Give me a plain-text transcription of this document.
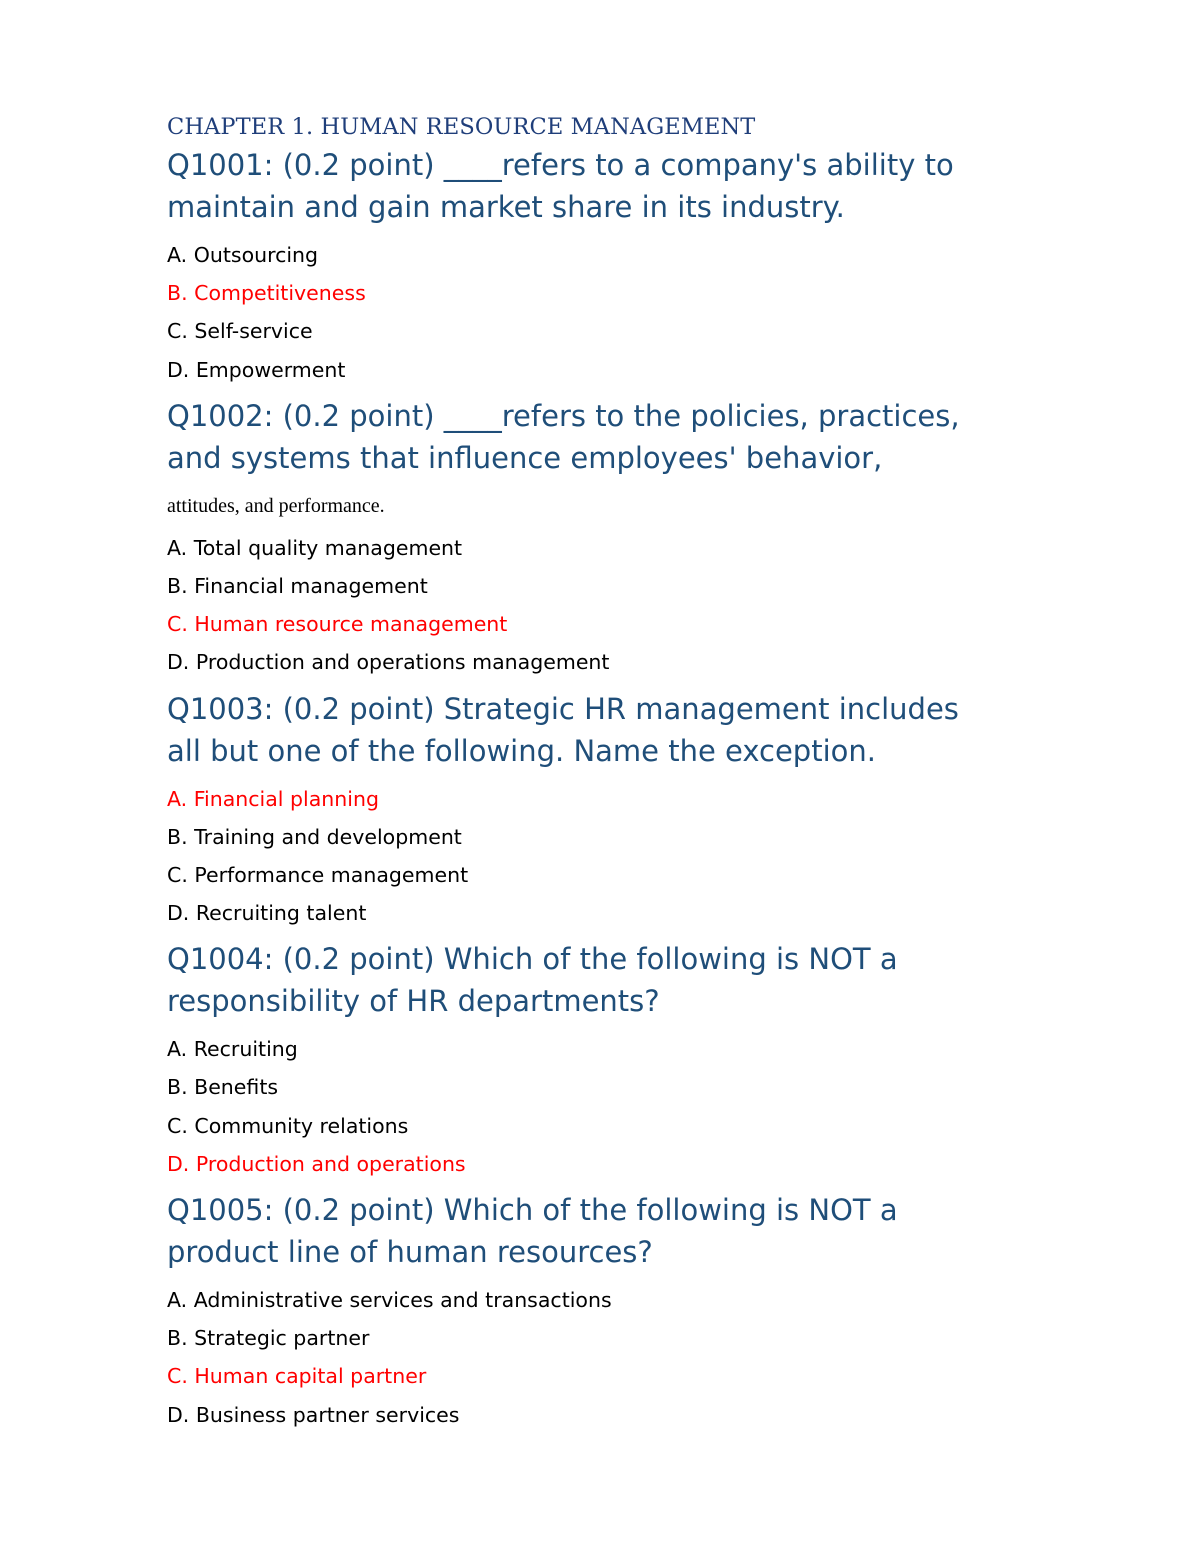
CHAPTER 1. HUMAN RESOURCE MANAGEMENT
Q1001: (0.2 point) ____refers to a company's ability to
maintain and gain market share in its industry.
A. Outsourcing
B. Competitiveness
C. Self-service
D. Empowerment
Q1002: (0.2 point) ____refers to the policies, practices,
and systems that influence employees' behavior,
attitudes, and performance.
A. Total quality management
B. Financial management
C. Human resource management
D. Production and operations management
Q1003: (0.2 point) Strategic HR management includes
all but one of the following. Name the exception.
A. Financial planning
B. Training and development
C. Performance management
D. Recruiting talent
Q1004: (0.2 point) Which of the following is NOT a
responsibility of HR departments?
A. Recruiting
B. Benefits
C. Community relations
D. Production and operations
Q1005: (0.2 point) Which of the following is NOT a
product line of human resources?
A. Administrative services and transactions
B. Strategic partner
C. Human capital partner
D. Business partner services
